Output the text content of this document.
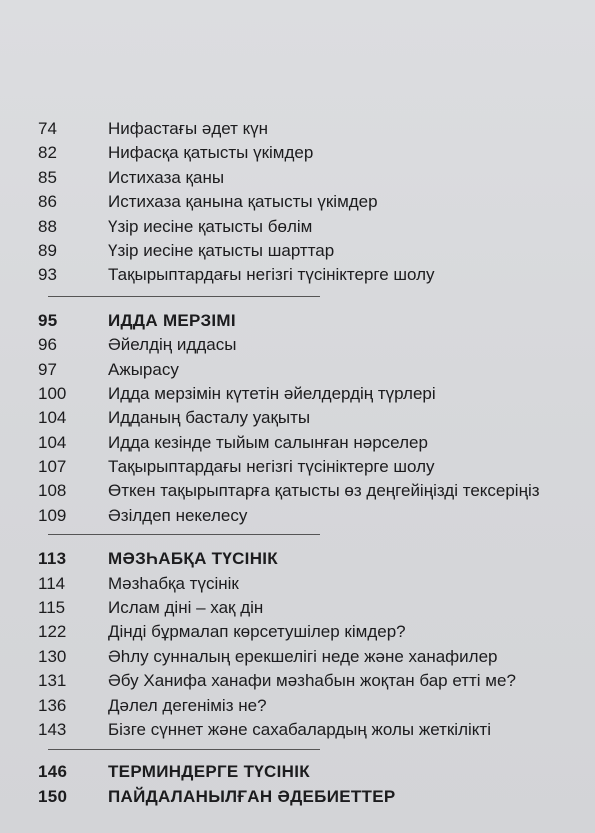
74	Нифастағы әдет күн
82	Нифасқа қатысты үкімдер
85	Истихаза қаны
86	Истихаза қанына қатысты үкімдер
88	Үзір иесіне қатысты бөлім
89	Үзір иесіне қатысты шарттар
93	Тақырыптардағы негізгі түсініктерге шолу
95	ИДДА МЕРЗІМІ
96	Әйелдің иддасы
97	Ажырасу
100	Идда мерзімін күтетін әйелдердің түрлері
104	Идданың басталу уақыты
104	Идда кезінде тыйым салынған нәрселер
107	Тақырыптардағы негізгі түсініктерге шолу
108	Өткен тақырыптарға қатысты өз деңгейіңізді тексеріңіз
109	Әзілдеп некелесу
113	МӘЗҺАБҚА ТҮСІНІК
114	Мәзһабқа түсінік
115	Ислам діні – хақ дін
122	Дінді бұрмалап көрсетушілер кімдер?
130	Әһлу сунналың ерекшелігі неде және ханафилер
131	Әбу Ханифа ханафи мәзһабын жоқтан бар етті ме?
136	Дәлел дегеніміз не?
143	Бізге сүннет және сахабалардың жолы жеткілікті
146	ТЕРМИНДЕРГЕ ТҮСІНІК
150	ПАЙДАЛАНЫЛҒАН ӘДЕБИЕТТЕР
